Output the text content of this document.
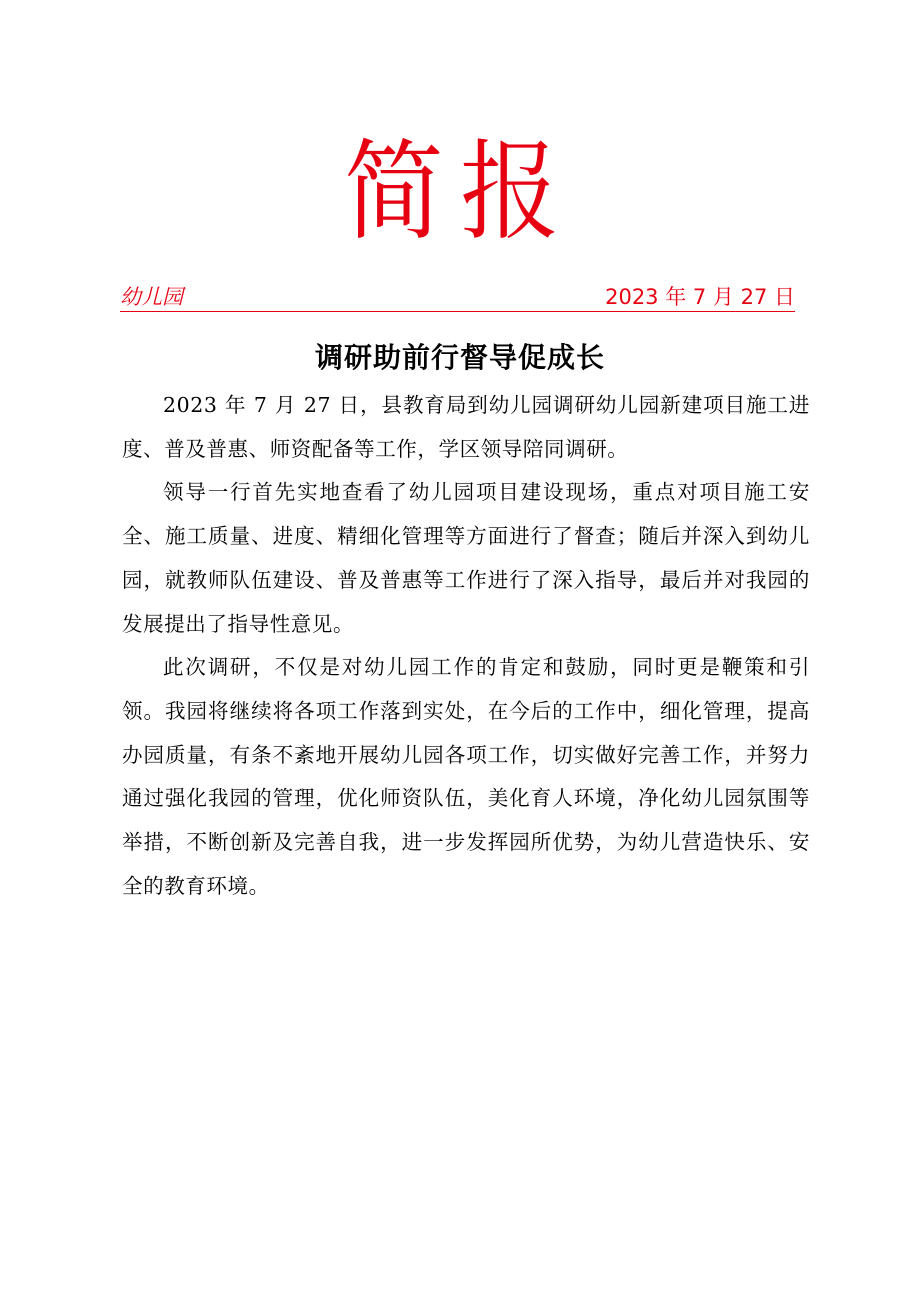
简报
幼儿园	2023 年 7 月 27 日
调研助前行督导促成长

2023 年 7 月 27 日，县教育局到幼儿园调研幼儿园新建项目施工进度、普及普惠、师资配备等工作，学区领导陪同调研。

领导一行首先实地查看了幼儿园项目建设现场，重点对项目施工安全、施工质量、进度、精细化管理等方面进行了督查；随后并深入到幼儿园，就教师队伍建设、普及普惠等工作进行了深入指导，最后并对我园的发展提出了指导性意见。

此次调研，不仅是对幼儿园工作的肯定和鼓励，同时更是鞭策和引领。我园将继续将各项工作落到实处，在今后的工作中，细化管理，提高办园质量，有条不紊地开展幼儿园各项工作，切实做好完善工作，并努力通过强化我园的管理，优化师资队伍，美化育人环境，净化幼儿园氛围等举措，不断创新及完善自我，进一步发挥园所优势，为幼儿营造快乐、安全的教育环境。
